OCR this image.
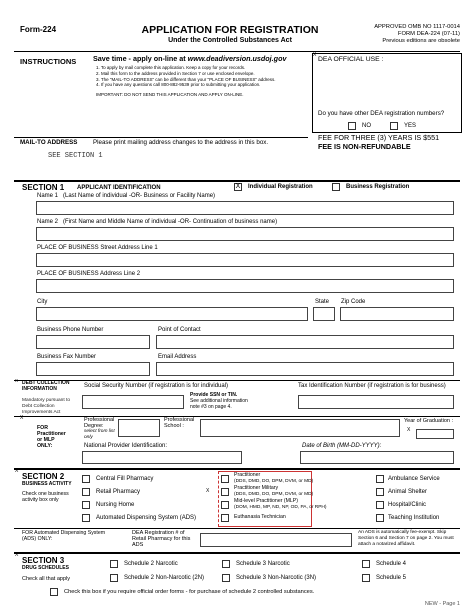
Form-224	APPLICATION FOR REGISTRATION
Under the Controlled Substances Act
APPROVED OMB NO 1117-0014
FORM DEA-224 (07-11)
Previous editions are obsolete
INSTRUCTIONS Save time - apply on-line at www.deadiversion.usdoj.gov
1. To apply by mail complete this application. Keep a copy for your records.
2. Mail this form to the address provided in Section 7 or use enclosed envelope.
3. The "MAIL-TO ADDRESS" can be different than your "PLACE OF BUSINESS" address.
4. If you have any questions call 800-882-9539 prior to submitting your application.
IMPORTANT: DO NOT SEND THIS APPLICATION AND APPLY ON-LINE.
X
DEA OFFICIAL USE :
Do you have other DEA registration numbers?
NO	YES
FEE FOR THREE (3) YEARS IS $551
FEE IS NON-REFUNDABLE
MAIL-TO ADDRESS	Please print mailing address changes to the address in this box.
SEE SECTION 1
SECTION 1 APPLICANT IDENTIFICATION	X Individual Registration	Business Registration
Name 1 (Last Name of individual -OR- Business or Facility Name)
Name 2 (First Name and Middle Name of individual -OR- Continuation of business name)
PLACE OF BUSINESS Street Address Line 1
PLACE OF BUSINESS Address Line 2
City	State Zip Code
Business Phone Number	Point of Contact
Business Fax Number	Email Address
X DEBT COLLECTION INFORMATION
Mandatory pursuant to Debt Collection Improvements Act
Social Security Number (if registration is for individual)	Tax Identification Number (if registration is for business)
Provide SSN or TIN.
See additional information
note #3 on page 4.
X
FOR Practitioner or MLP ONLY:
Professional Degree:
select from list only
Professional School :
Year of Graduation :
X
National Provider Identification:	Date of Birth (MM-DD-YYYY):
X
SECTION 2
BUSINESS ACTIVITY
Check one business activity box only
Central Fill Pharmacy
Retail Pharmacy
Nursing Home
Automated Dispensing System (ADS)
X
Practitioner
(DDS, DMD, DO, DPM, DVM, or MD)
Practitioner Military
(DDS, DMD, DO, DPM, DVM, or MD)
Mid-level Practitioner (MLP)
(DOM, HMD, MP, ND, NP, OD, PA, or RPH)
Euthanasia Technician
Ambulance Service
Animal Shelter
Hospital/Clinic
Teaching Institution
FOR Automated Dispensing System (ADS) ONLY:
DEA Registration # of Retail Pharmacy for this ADS
An ADS is automatically fee-exempt. Skip Section 6 and Section 7 on page 2. You must attach a notarized affidavit.
X
SECTION 3
DRUG SCHEDULES
Check all that apply
Schedule 2 Narcotic	Schedule 3 Narcotic	Schedule 4
Schedule 2 Non-Narcotic (2N)	Schedule 3 Non-Narcotic (3N)	Schedule 5
Check this box if you require official order forms - for purchase of schedule 2 controlled substances.
NEW - Page 1
